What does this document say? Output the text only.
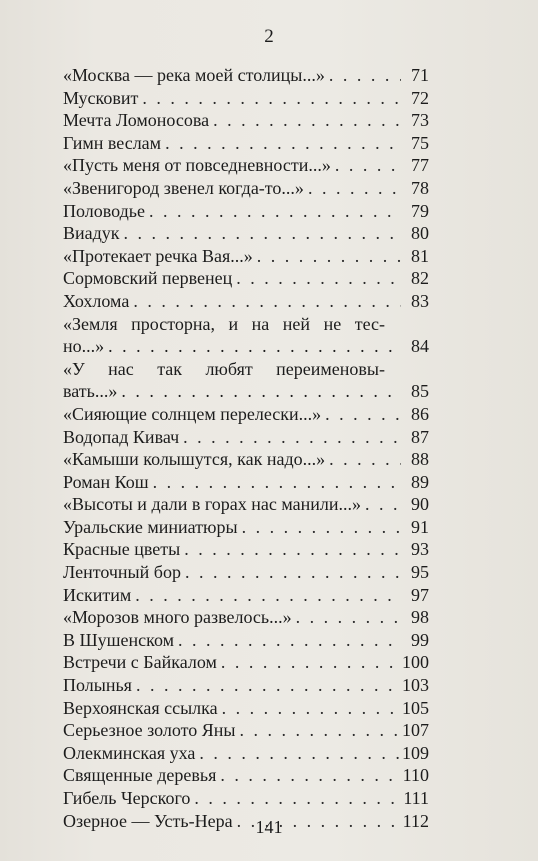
2
«Москва — река моей столицы...» . . .	71
Мусковит . . .	72
Мечта Ломоносова . . .	73
Гимн веслам . . .	75
«Пусть меня от повседневности...» . . .	77
«Звенигород звенел когда-то...» . . .	78
Половодье . . .	79
Виадук . . .	80
«Протекает речка Вая...» . . .	81
Сормовский первенец . . .	82
Хохлома . . .	83
«Земля просторна, и на ней не тес-
но...» . . .	84
«У нас так любят переименовы-
вать...» . . .	85
«Сияющие солнцем перелески...» . . .	86
Водопад Кивач . . .	87
«Камыши колышутся, как надо...» . . .	88
Роман Кош . . .	89
«Высоты и дали в горах нас манили...» . . .	90
Уральские миниатюры . . .	91
Красные цветы . . .	93
Ленточный бор . . .	95
Искитим . . .	97
«Морозов много развелось...» . . .	98
В Шушенском . . .	99
Встречи с Байкалом . . .	100
Полынья . . .	103
Верхоянская ссылка . . .	105
Серьезное золото Яны . . .	107
Олекминская уха . . .	109
Священные деревья . . .	110
Гибель Черского . . .	111
Озерное — Усть-Нера . . .	112
141
